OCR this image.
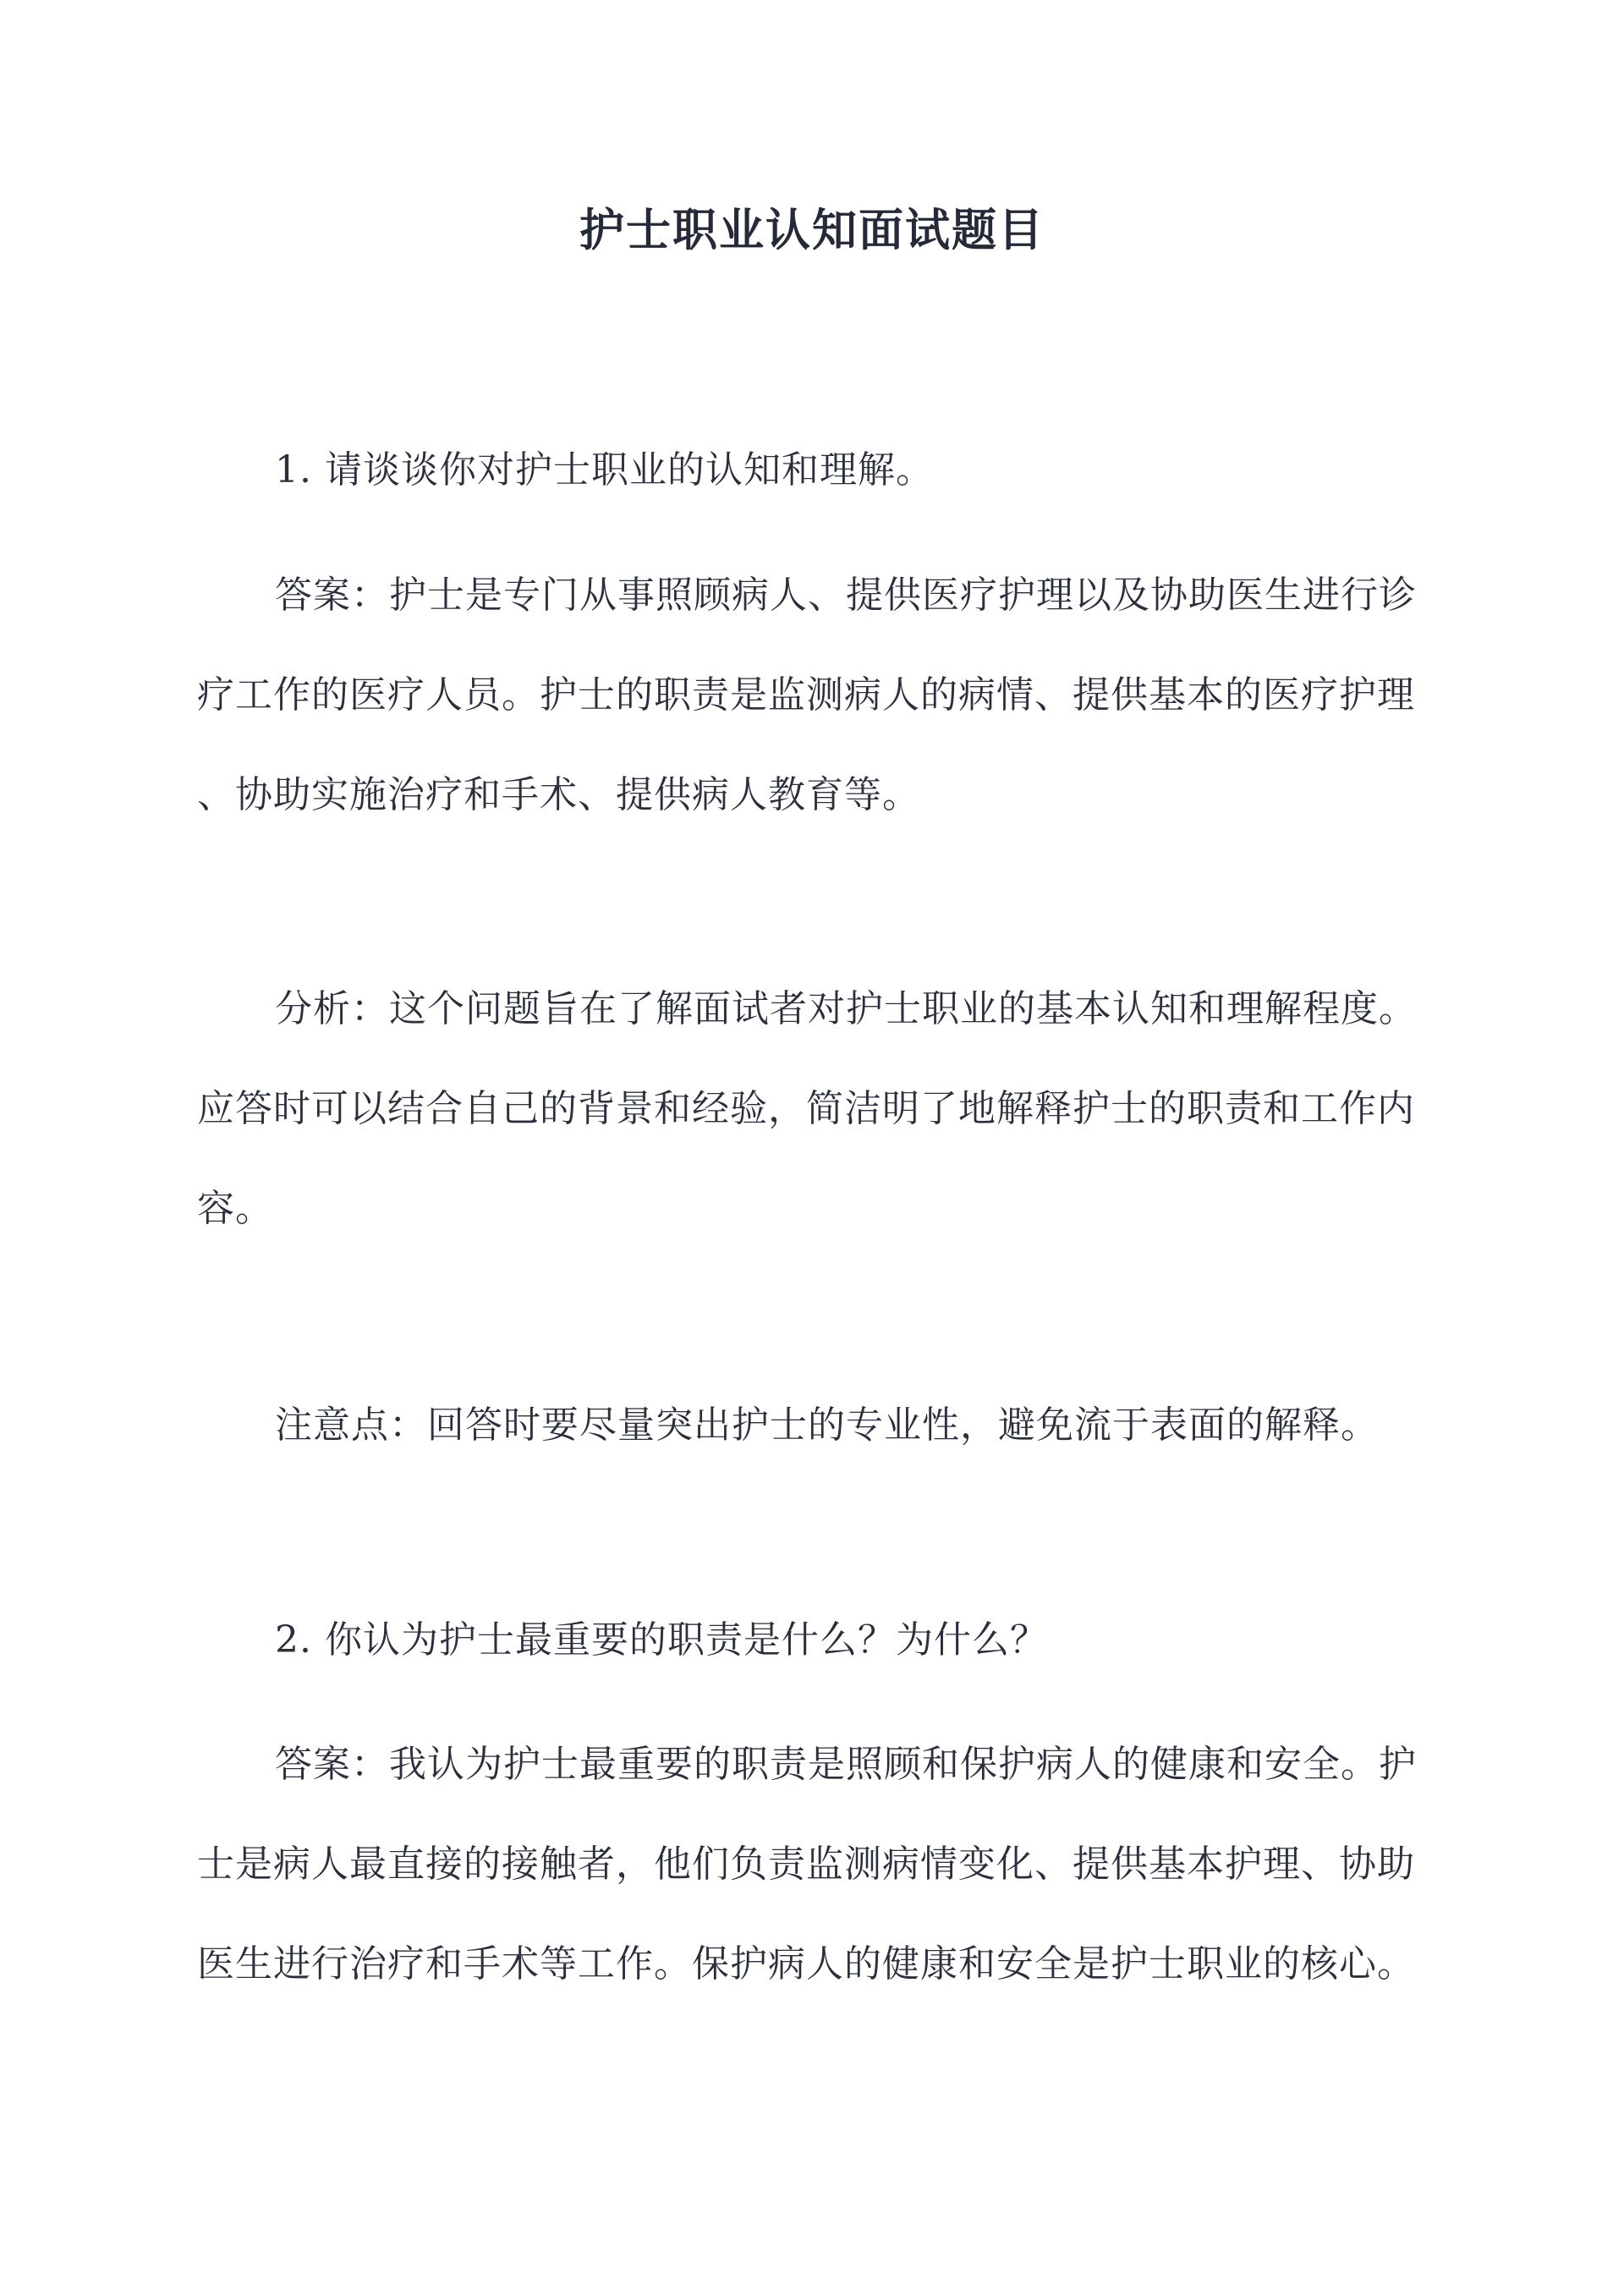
护士职业认知面试题目

1. 请谈谈你对护士职业的认知和理解。

答案：护士是专门从事照顾病人、提供医疗护理以及协助医生进行诊

疗工作的医疗人员。护士的职责是监测病人的病情、提供基本的医疗护理

、协助实施治疗和手术、提供病人教育等。

分析：这个问题旨在了解面试者对护士职业的基本认知和理解程度。

应答时可以结合自己的背景和经验，简洁明了地解释护士的职责和工作内

容。

注意点：回答时要尽量突出护士的专业性，避免流于表面的解释。

2. 你认为护士最重要的职责是什么？为什么？

答案：我认为护士最重要的职责是照顾和保护病人的健康和安全。护

士是病人最直接的接触者，他们负责监测病情变化、提供基本护理、协助

医生进行治疗和手术等工作。保护病人的健康和安全是护士职业的核心。
